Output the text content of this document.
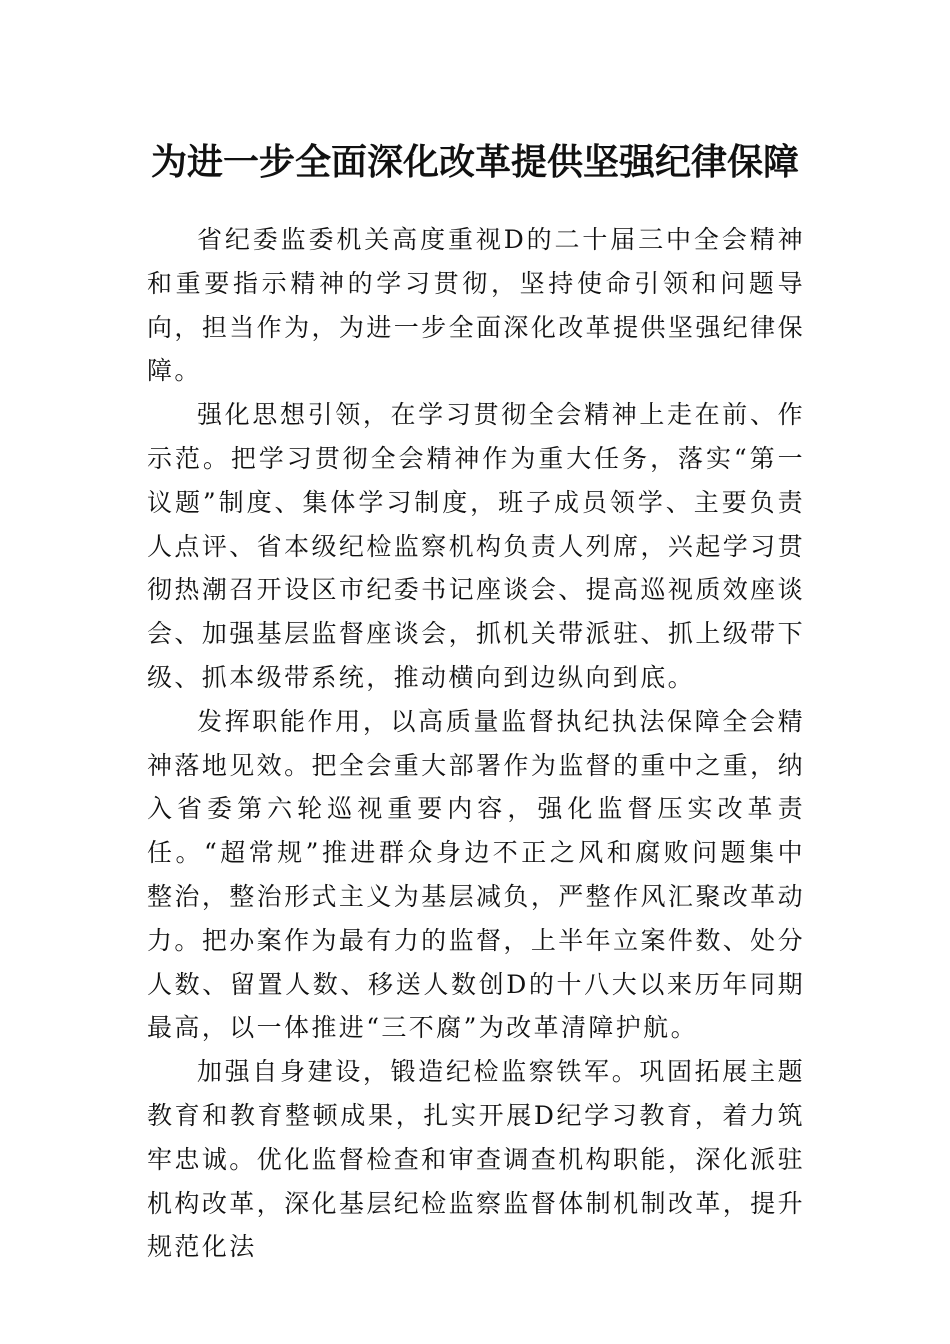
为进一步全面深化改革提供坚强纪律保障

省纪委监委机关高度重视D的二十届三中全会精神和重要指示精神的学习贯彻，坚持使命引领和问题导向，担当作为，为进一步全面深化改革提供坚强纪律保障。

强化思想引领，在学习贯彻全会精神上走在前、作示范。把学习贯彻全会精神作为重大任务，落实“第一议题”制度、集体学习制度，班子成员领学、主要负责人点评、省本级纪检监察机构负责人列席，兴起学习贯彻热潮召开设区市纪委书记座谈会、提高巡视质效座谈会、加强基层监督座谈会，抓机关带派驻、抓上级带下级、抓本级带系统，推动横向到边纵向到底。

发挥职能作用，以高质量监督执纪执法保障全会精神落地见效。把全会重大部署作为监督的重中之重，纳入省委第六轮巡视重要内容，强化监督压实改革责任。“超常规”推进群众身边不正之风和腐败问题集中整治，整治形式主义为基层减负，严整作风汇聚改革动力。把办案作为最有力的监督，上半年立案件数、处分人数、留置人数、移送人数创D的十八大以来历年同期最高，以一体推进“三不腐”为改革清障护航。

加强自身建设，锻造纪检监察铁军。巩固拓展主题教育和教育整顿成果，扎实开展D纪学习教育，着力筑牢忠诚。优化监督检查和审查调查机构职能，深化派驻机构改革，深化基层纪检监察监督体制机制改革，提升规范化法
